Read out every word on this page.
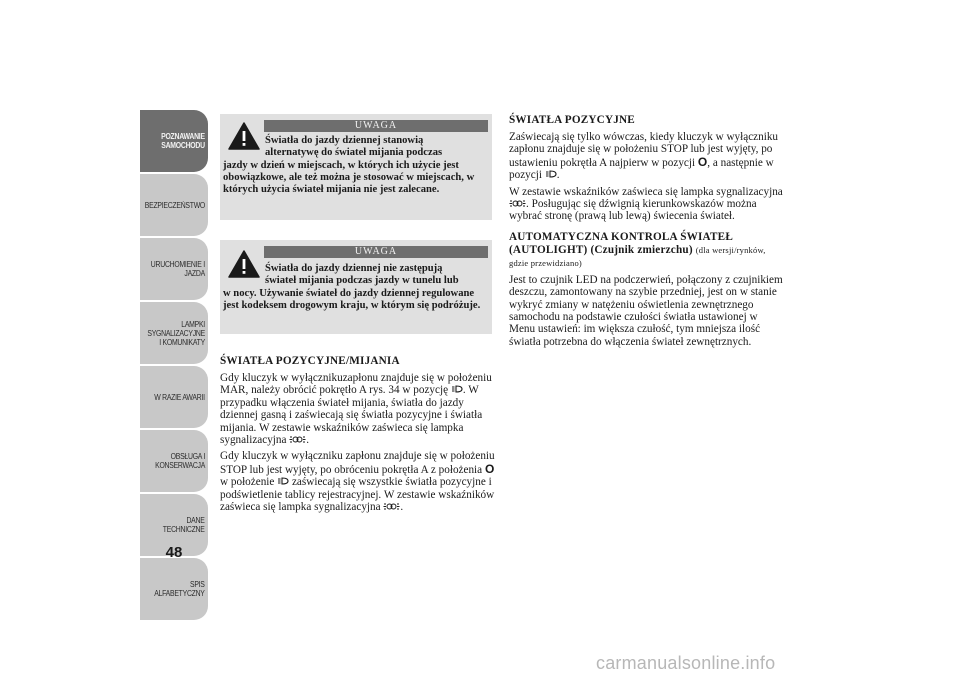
POZNAWANIE
SAMOCHODU
BEZPIECZEŃSTWO
URUCHOMIENIE I
JAZDA
LAMPKI
SYGNALIZACYJNE
I KOMUNIKATY
W RAZIE AWARII
OBSŁUGA I
KONSERWACJA
DANE
TECHNICZNE
SPIS
ALFABETYCZNY
48
UWAGA
Światła do jazdy dziennej stanowią
alternatywę do świateł mijania podczas
jazdy w dzień w miejscach, w których ich użycie jest obowiązkowe, ale też można je stosować w miejscach, w których użycia świateł mijania nie jest zalecane.
UWAGA
Światła do jazdy dziennej nie zastępują
świateł mijania podczas jazdy w tunelu lub
w nocy. Używanie świateł do jazdy dziennej regulowane jest kodeksem drogowym kraju, w którym się podróżuje.
ŚWIATŁA POZYCYJNE/MIJANIA

Gdy kluczyk w wyłącznikuzapłonu znajduje się w położeniu MAR, należy obrócić pokrętło A rys. 34 w pozycję . W przypadku włączenia świateł mijania, światła do jazdy dziennej gasną i zaświecają się światła pozycyjne i światła mijania. W zestawie wskaźników zaświeca się lampka sygnalizacyjna .

Gdy kluczyk w wyłączniku zapłonu znajduje się w położeniu STOP lub jest wyjęty, po obróceniu pokrętła A z położenia O w położenie zaświecają się wszystkie światła pozycyjne i podświetlenie tablicy rejestracyjnej. W zestawie wskaźników zaświeca się lampka sygnalizacyjna .

ŚWIATŁA POZYCYJNE

Zaświecają się tylko wówczas, kiedy kluczyk w wyłączniku zapłonu znajduje się w położeniu STOP lub jest wyjęty, po ustawieniu pokrętła A najpierw w pozycji O, a następnie w pozycji .

W zestawie wskaźników zaświeca się lampka sygnalizacyjna . Posługując się dźwignią kierunkowskazów można wybrać stronę (prawą lub lewą) świecenia świateł.

AUTOMATYCZNA KONTROLA ŚWIATEŁ (AUTOLIGHT) (Czujnik zmierzchu) (dla wersji/rynków, gdzie przewidziano)

Jest to czujnik LED na podczerwień, połączony z czujnikiem deszczu, zamontowany na szybie przedniej, jest on w stanie wykryć zmiany w natężeniu oświetlenia zewnętrznego samochodu na podstawie czułości światła ustawionej w Menu ustawień: im większa czułość, tym mniejsza ilość światła potrzebna do włączenia świateł zewnętrznych.

carmanualsonline.info
